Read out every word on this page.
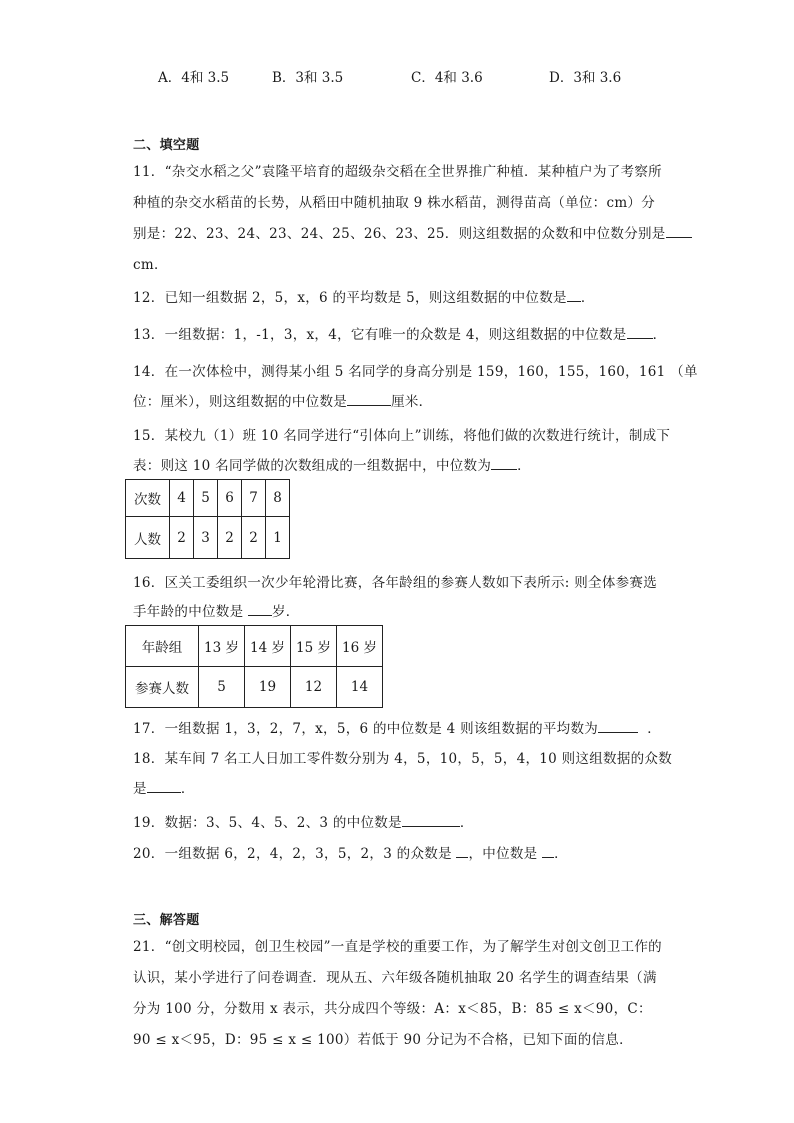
A．4和 3.5	B．3和 3.5	C．4和 3.6	D．3和 3.6
二、填空题
11．“杂交水稻之父”袁隆平培育的超级杂交稻在全世界推广种植．某种植户为了考察所
种植的杂交水稻苗的长势，从稻田中随机抽取 9 株水稻苗，测得苗高（单位：cm）分
别是：22、23、24、23、24、25、26、23、25．则这组数据的众数和中位数分别是
cm．
12．已知一组数据 2，5，x，6 的平均数是 5，则这组数据的中位数是 ．
13．一组数据：1，-1，3，x，4，它有唯一的众数是 4，则这组数据的中位数是 ．
14．在一次体检中，测得某小组 5 名同学的身高分别是 159，160，155，160，161 （单
位：厘米），则这组数据的中位数是	厘米．
15．某校九（1）班 10 名同学进行“引体向上”训练，将他们做的次数进行统计，制成下
表：则这 10 名同学做的次数组成的一组数据中，中位数为 ．
次数	4	5	6	7	8
人数	2	3	2	2	1
16．区关工委组织一次少年轮滑比赛，各年龄组的参赛人数如下表所示: 则全体参赛选
手年龄的中位数是 岁．
年龄组	13 岁	14 岁	15 岁	16 岁
参赛人数	5	19	12	14
17．一组数据 1，3，2，7，x，5，6 的中位数是 4 则该组数据的平均数为	．
18．某车间 7 名工人日加工零件数分别为 4，5，10，5，5，4，10 则这组数据的众数
是	．
19．数据：3、5、4、5、2、3 的中位数是	．
20．一组数据 6，2，4，2，3，5，2，3 的众数是 ，中位数是 ．
三、解答题
21．“创文明校园，创卫生校园”一直是学校的重要工作，为了解学生对创文创卫工作的
认识，某小学进行了问卷调查．现从五、六年级各随机抽取 20 名学生的调查结果（满
分为 100 分，分数用 x 表示，共分成四个等级：A：x＜85，B：85 ≤ x＜90，C：
90 ≤ x＜95，D：95 ≤ x ≤ 100）若低于 90 分记为不合格，已知下面的信息．
